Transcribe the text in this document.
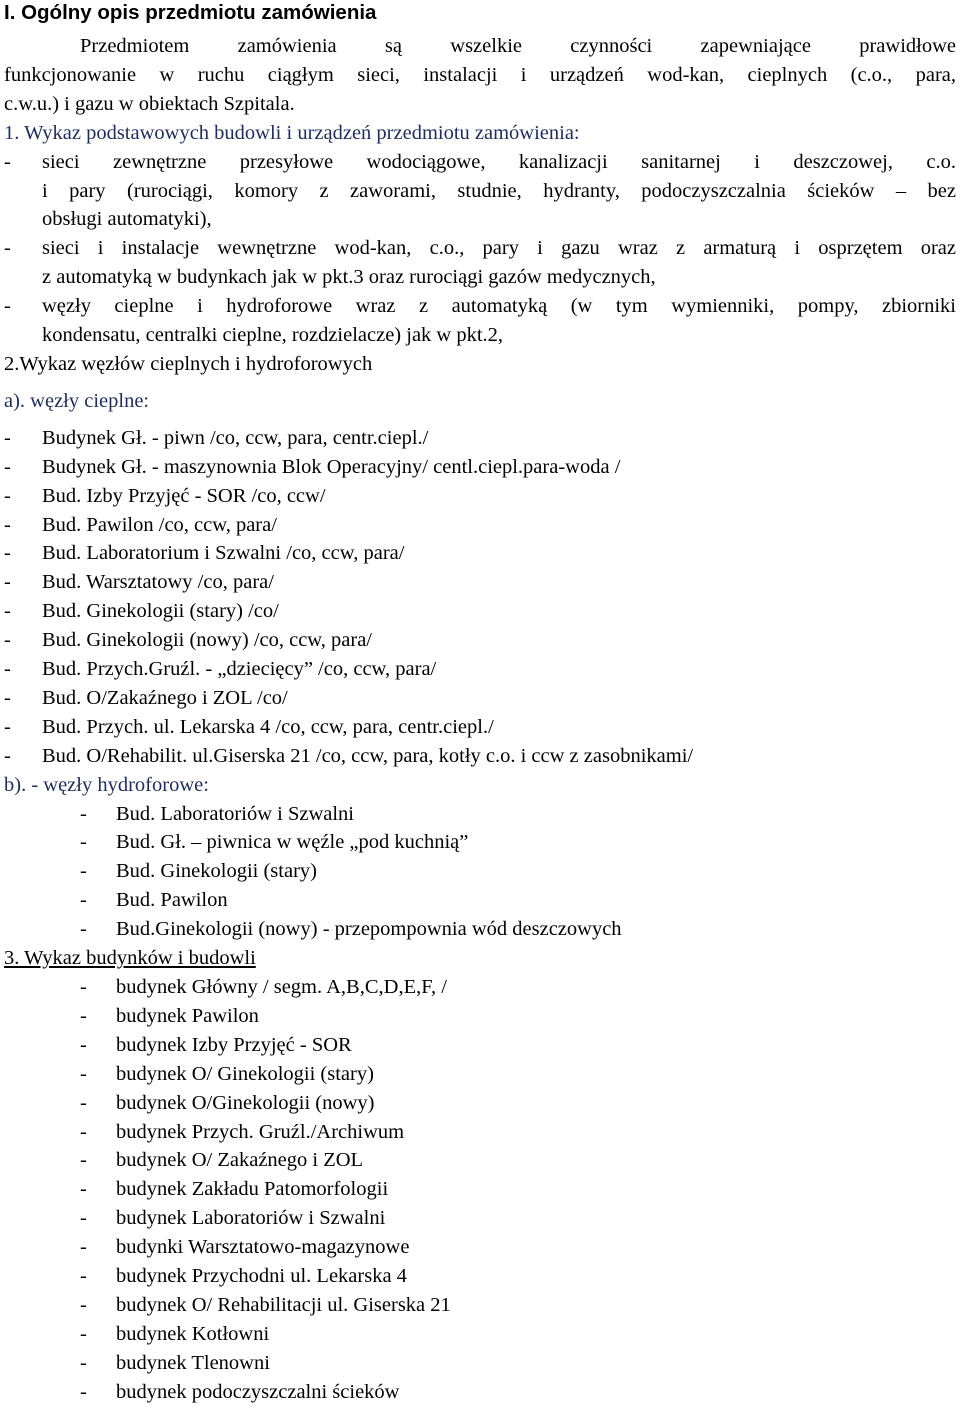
I. Ogólny opis przedmiotu zamówienia
Przedmiotem zamówienia są wszelkie czynności zapewniające prawidłowe
funkcjonowanie w ruchu ciągłym sieci, instalacji i urządzeń wod-kan, cieplnych (c.o., para,
c.w.u.) i gazu w obiektach Szpitala.
1. Wykaz podstawowych budowli i urządzeń przedmiotu zamówienia:
- sieci zewnętrzne przesyłowe wodociągowe, kanalizacji sanitarnej i deszczowej, c.o.
i pary (rurociągi, komory z zaworami, studnie, hydranty, podoczyszczalnia ścieków – bez
obsługi automatyki),
- sieci i instalacje wewnętrzne wod-kan, c.o., pary i gazu wraz z armaturą i osprzętem oraz
z automatyką w budynkach jak w pkt.3 oraz rurociągi gazów medycznych,
- węzły cieplne i hydroforowe wraz z automatyką (w tym wymienniki, pompy, zbiorniki
kondensatu, centralki cieplne, rozdzielacze) jak w pkt.2,
2.Wykaz węzłów cieplnych i hydroforowych
a). węzły cieplne:
- Budynek Gł. - piwn /co, ccw, para, centr.ciepl./
- Budynek Gł. - maszynownia Blok Operacyjny/ centl.ciepl.para-woda /
- Bud. Izby Przyjęć - SOR /co, ccw/
- Bud. Pawilon /co, ccw, para/
- Bud. Laboratorium i Szwalni /co, ccw, para/
- Bud. Warsztatowy /co, para/
- Bud. Ginekologii (stary) /co/
- Bud. Ginekologii (nowy) /co, ccw, para/
- Bud. Przych.Gruźl. - „dziecięcy” /co, ccw, para/
- Bud. O/Zakaźnego i ZOL /co/
- Bud. Przych. ul. Lekarska 4 /co, ccw, para, centr.ciepl./
- Bud. O/Rehabilit. ul.Giserska 21 /co, ccw, para, kotły c.o. i ccw z zasobnikami/
b). - węzły hydroforowe:
- Bud. Laboratoriów i Szwalni
- Bud. Gł. – piwnica w węźle „pod kuchnią”
- Bud. Ginekologii (stary)
- Bud. Pawilon
- Bud.Ginekologii (nowy) - przepompownia wód deszczowych
3. Wykaz budynków i budowli
- budynek Główny / segm. A,B,C,D,E,F, /
- budynek Pawilon
- budynek Izby Przyjęć - SOR
- budynek O/ Ginekologii (stary)
- budynek O/Ginekologii (nowy)
- budynek Przych. Gruźl./Archiwum
- budynek O/ Zakaźnego i ZOL
- budynek Zakładu Patomorfologii
- budynek Laboratoriów i Szwalni
- budynki Warsztatowo-magazynowe
- budynek Przychodni ul. Lekarska 4
- budynek O/ Rehabilitacji ul. Giserska 21
- budynek Kotłowni
- budynek Tlenowni
- budynek podoczyszczalni ścieków
